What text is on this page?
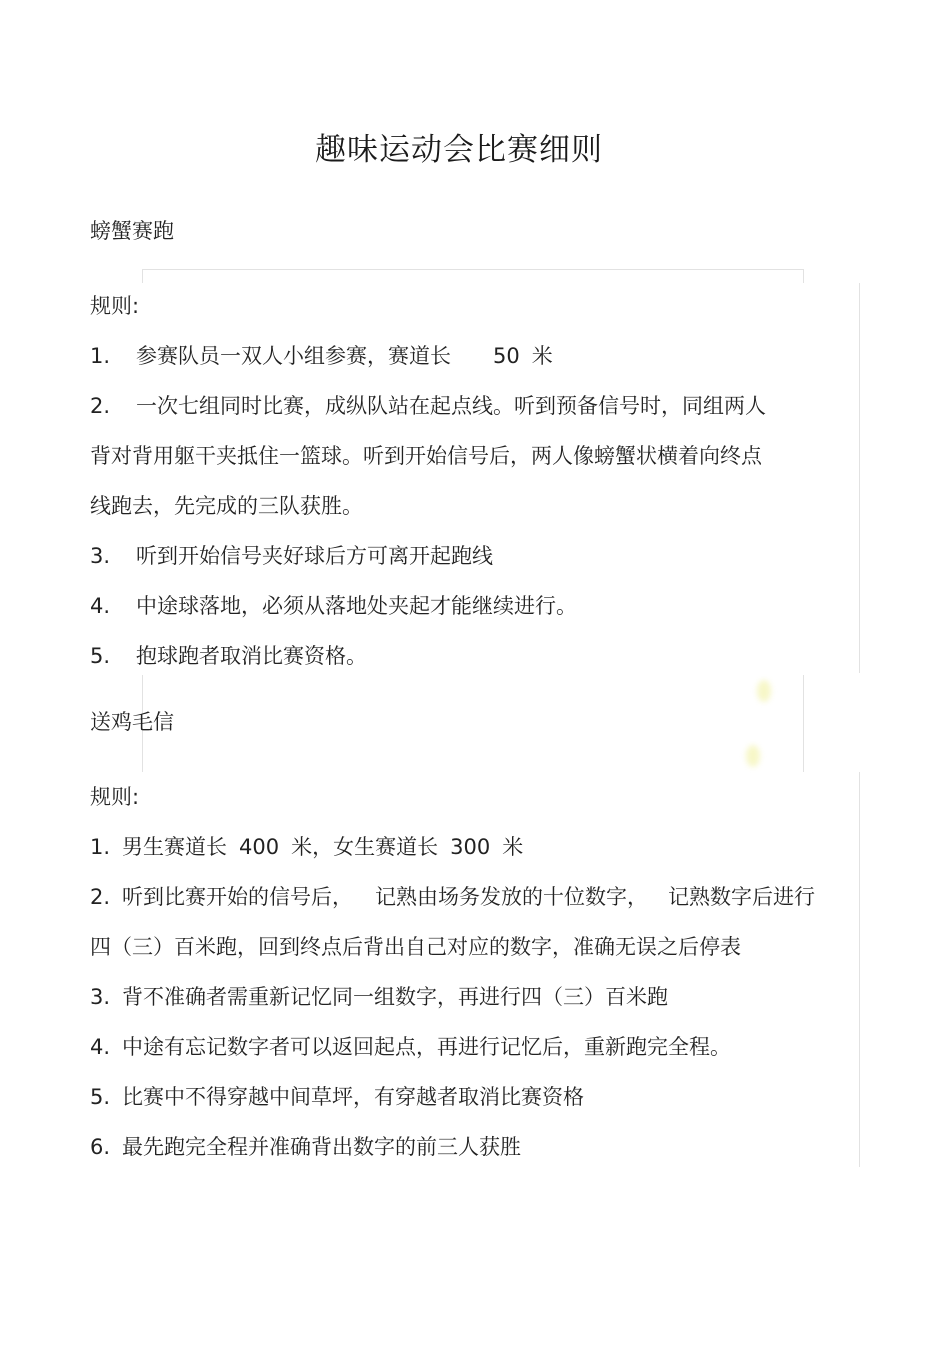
趣味运动会比赛细则
螃蟹赛跑
规则:
1. 参赛队员一双人小组参赛，赛道长 50 米
2. 一次七组同时比赛，成纵队站在起点线。听到预备信号时，同组两人
背对背用躯干夹抵住一篮球。听到开始信号后，两人像螃蟹状横着向终点
线跑去，先完成的三队获胜。
3. 听到开始信号夹好球后方可离开起跑线
4. 中途球落地，必须从落地处夹起才能继续进行。
5. 抱球跑者取消比赛资格。
送鸡毛信
规则:
1. 男生赛道长 400 米，女生赛道长 300 米
2. 听到比赛开始的信号后， 记熟由场务发放的十位数字， 记熟数字后进行
四（三）百米跑，回到终点后背出自己对应的数字，准确无误之后停表
3. 背不准确者需重新记忆同一组数字，再进行四（三）百米跑
4. 中途有忘记数字者可以返回起点，再进行记忆后，重新跑完全程。
5. 比赛中不得穿越中间草坪，有穿越者取消比赛资格
6. 最先跑完全程并准确背出数字的前三人获胜
